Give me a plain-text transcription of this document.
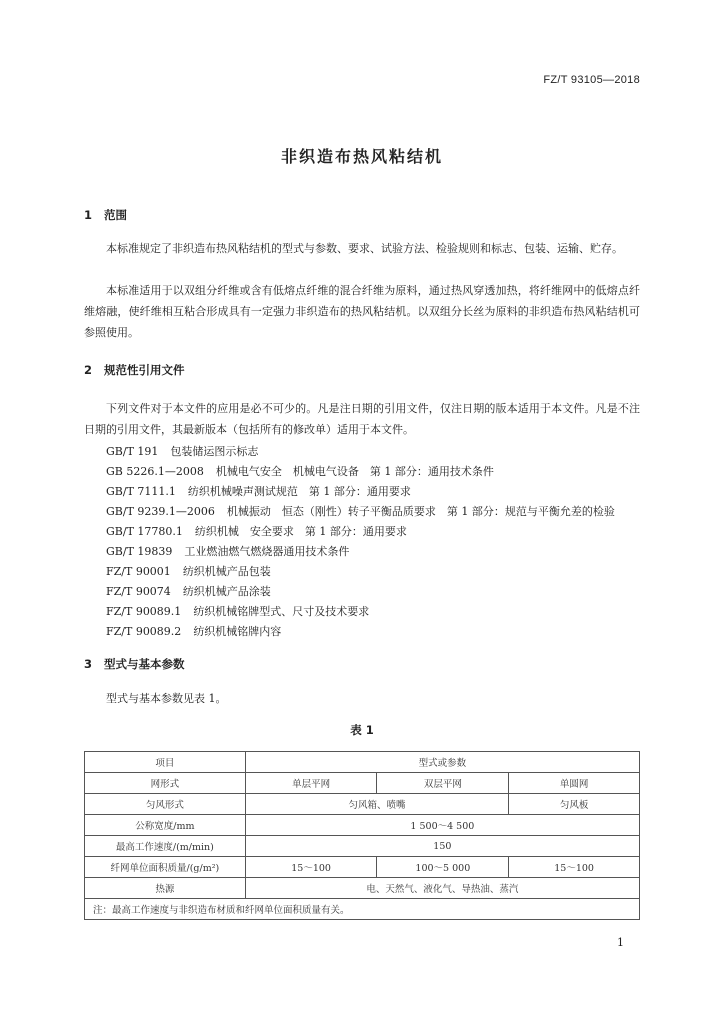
FZ/T 93105—2018
非织造布热风粘结机
1 范围
本标准规定了非织造布热风粘结机的型式与参数、要求、试验方法、检验规则和标志、包装、运输、贮存。
本标准适用于以双组分纤维或含有低熔点纤维的混合纤维为原料，通过热风穿透加热，将纤维网中的低熔点纤维熔融，使纤维相互粘合形成具有一定强力非织造布的热风粘结机。以双组分长丝为原料的非织造布热风粘结机可参照使用。
2 规范性引用文件
下列文件对于本文件的应用是必不可少的。凡是注日期的引用文件，仅注日期的版本适用于本文件。凡是不注日期的引用文件，其最新版本（包括所有的修改单）适用于本文件。
GB/T 191 包装储运图示标志
GB 5226.1—2008 机械电气安全　机械电气设备　第 1 部分：通用技术条件
GB/T 7111.1 纺织机械噪声测试规范　第 1 部分：通用要求
GB/T 9239.1—2006 机械振动　恒态（刚性）转子平衡品质要求　第 1 部分：规范与平衡允差的检验
GB/T 17780.1 纺织机械　安全要求　第 1 部分：通用要求
GB/T 19839 工业燃油燃气燃烧器通用技术条件
FZ/T 90001 纺织机械产品包装
FZ/T 90074 纺织机械产品涂装
FZ/T 90089.1 纺织机械铭牌型式、尺寸及技术要求
FZ/T 90089.2 纺织机械铭牌内容
3 型式与基本参数
型式与基本参数见表 1。
表 1
项目	型式或参数		
网形式	单层平网	双层平网	单圆网
匀风形式	匀风箱、喷嘴		匀风板
公称宽度/mm	1 500～4 500		
最高工作速度/(m/min)	150		
纤网单位面积质量/(g/m²)	15～100	100～5 000	15～100
热源	电、天然气、液化气、导热油、蒸汽		
注：最高工作速度与非织造布材质和纤网单位面积质量有关。			
1
